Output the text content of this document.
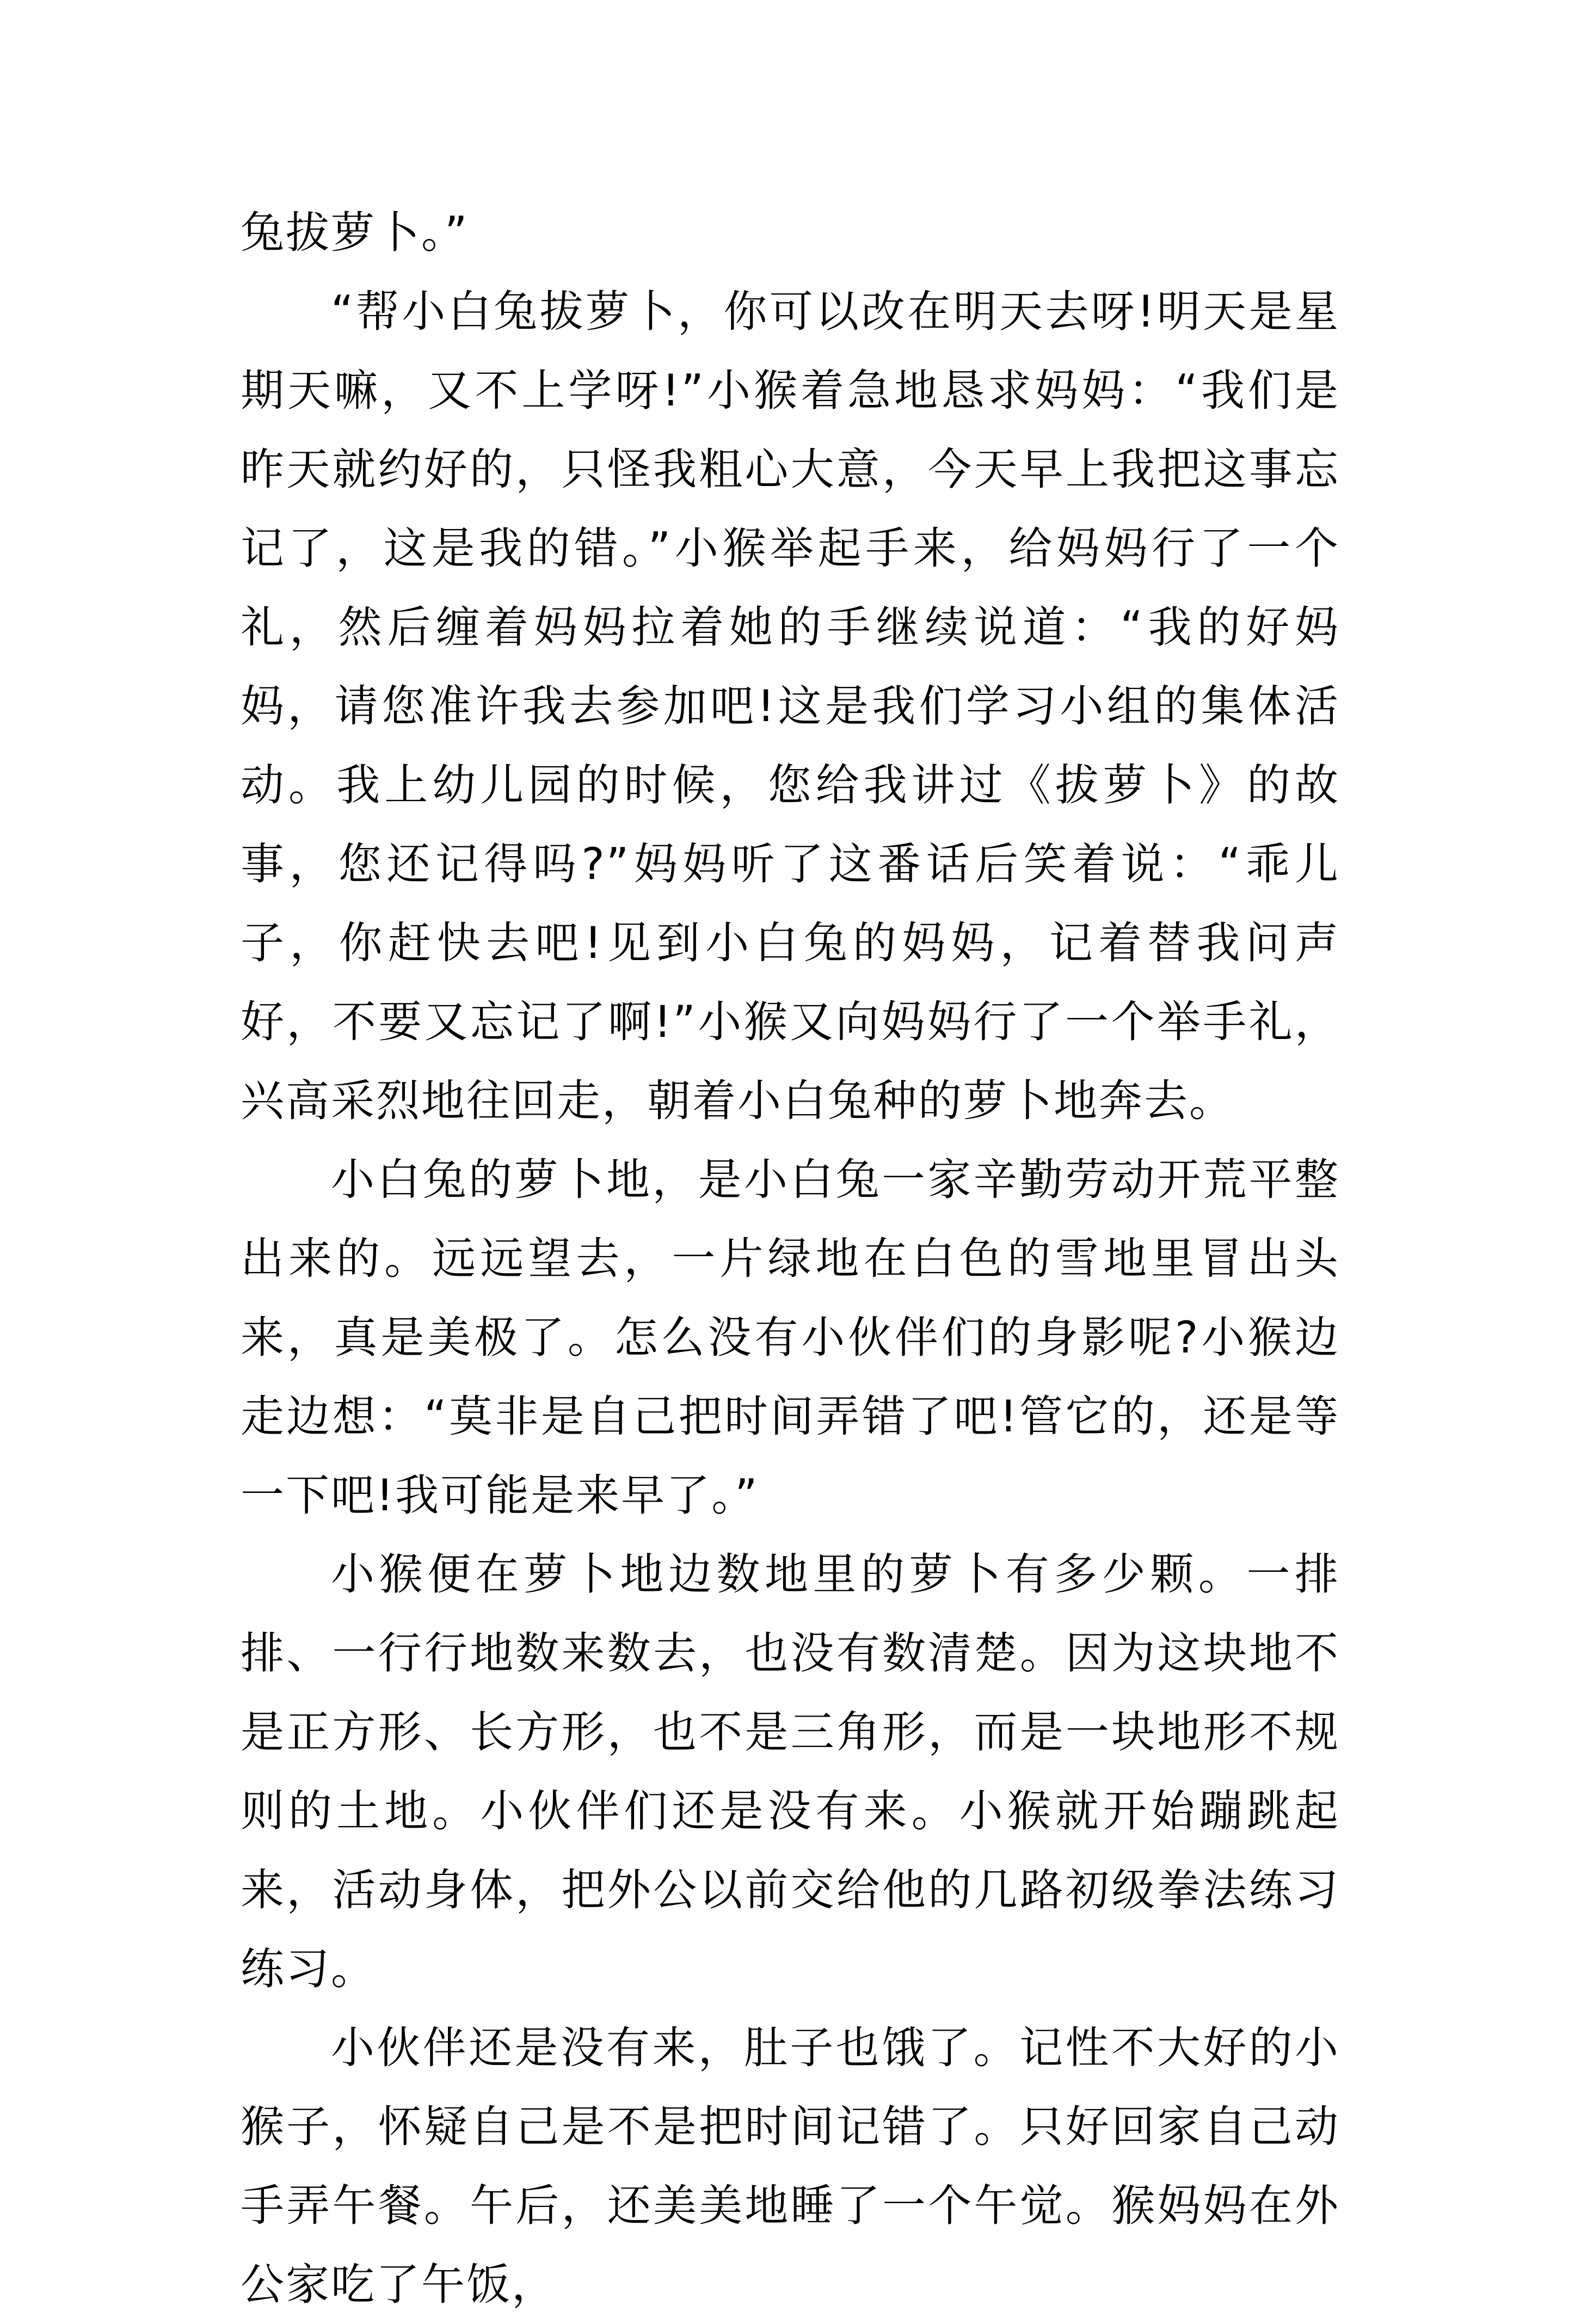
兔拔萝卜。”

“帮小白兔拔萝卜，你可以改在明天去呀!明天是星期天嘛，又不上学呀!”小猴着急地恳求妈妈：“我们是昨天就约好的，只怪我粗心大意，今天早上我把这事忘记了，这是我的错。”小猴举起手来，给妈妈行了一个礼，然后缠着妈妈拉着她的手继续说道：“我的好妈妈，请您准许我去参加吧!这是我们学习小组的集体活动。我上幼儿园的时候，您给我讲过《拔萝卜》的故事，您还记得吗?”妈妈听了这番话后笑着说：“乖儿子，你赶快去吧!见到小白兔的妈妈，记着替我问声好，不要又忘记了啊!”小猴又向妈妈行了一个举手礼，兴高采烈地往回走，朝着小白兔种的萝卜地奔去。

小白兔的萝卜地，是小白兔一家辛勤劳动开荒平整出来的。远远望去，一片绿地在白色的雪地里冒出头来，真是美极了。怎么没有小伙伴们的身影呢?小猴边走边想：“莫非是自己把时间弄错了吧!管它的，还是等一下吧!我可能是来早了。”

小猴便在萝卜地边数地里的萝卜有多少颗。一排排、一行行地数来数去，也没有数清楚。因为这块地不是正方形、长方形，也不是三角形，而是一块地形不规则的土地。小伙伴们还是没有来。小猴就开始蹦跳起来，活动身体，把外公以前交给他的几路初级拳法练习练习。

小伙伴还是没有来，肚子也饿了。记性不大好的小猴子，怀疑自己是不是把时间记错了。只好回家自己动手弄午餐。午后，还美美地睡了一个午觉。猴妈妈在外公家吃了午饭，
